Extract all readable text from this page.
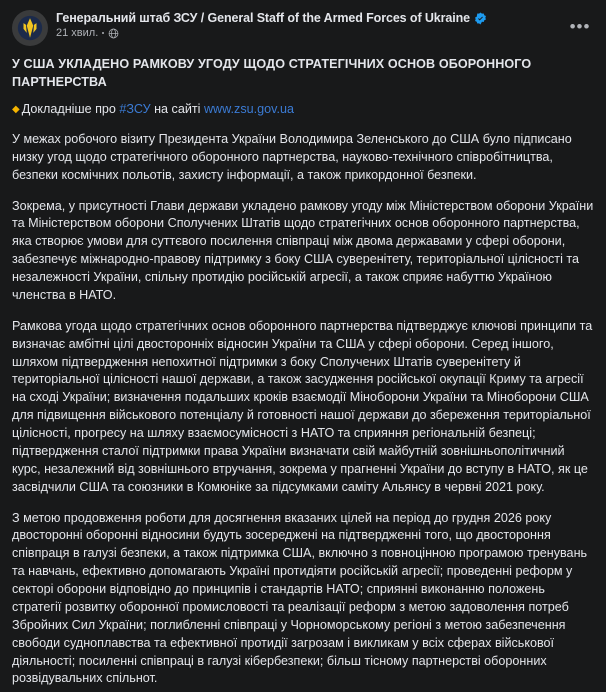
Генеральний штаб ЗСУ / General Staff of the Armed Forces of Ukraine
21 хвил.	•••
У США УКЛАДЕНО РАМКОВУ УГОДУ ЩОДО СТРАТЕГІЧНИХ ОСНОВ ОБОРОННОГО ПАРТНЕРСТВА
◆ Докладніше про #ЗСУ на сайті www.zsu.gov.ua

У межах робочого візиту Президента України Володимира Зеленського до США було підписано низку угод щодо стратегічного оборонного партнерства, науково-технічного співробітництва, безпеки космічних польотів, захисту інформації, а також прикордонної безпеки.

Зокрема, у присутності Глави держави укладено рамкову угоду між Міністерством оборони України та Міністерством оборони Сполучених Штатів щодо стратегічних основ оборонного партнерства, яка створює умови для суттєвого посилення співпраці між двома державами у сфері оборони, забезпечує міжнародно-правову підтримку з боку США суверенітету, територіальної цілісності та незалежності України, спільну протидію російській агресії, а також сприяє набуттю Україною членства в НАТО.

Рамкова угода щодо стратегічних основ оборонного партнерства підтверджує ключові принципи та визначає амбітні цілі двосторонніх відносин України та США у сфері оборони. Серед іншого, шляхом підтвердження непохитної підтримки з боку Сполучених Штатів суверенітету й територіальної цілісності нашої держави, а також засудження російської окупації Криму та агресії на сході України; визначення подальших кроків взаємодії Міноборони України та Міноборони США для підвищення військового потенціалу й готовності нашої держави до збереження територіальної цілісності, прогресу на шляху взаємосумісності з НАТО та сприяння регіональній безпеці; підтвердження сталої підтримки права України визначати свій майбутній зовнішньополітичний курс, незалежний від зовнішнього втручання, зокрема у прагненні України до вступу в НАТО, як це засвідчили США та союзники в Комюніке за підсумками саміту Альянсу в червні 2021 року.

З метою продовження роботи для досягнення вказаних цілей на період до грудня 2026 року двосторонні оборонні відносини будуть зосереджені на підтвердженні того, що двостороння співпраця в галузі безпеки, а також підтримка США, включно з повноцінною програмою тренувань та навчань, ефективно допомагають Україні протидіяти російській агресії; проведенні реформ у секторі оборони відповідно до принципів і стандартів НАТО; сприянні виконанню положень стратегії розвитку оборонної промисловості та реалізації реформ з метою задоволення потреб Збройних Сил України; поглибленні співпраці у Чорноморському регіоні з метою забезпечення свободи судноплавства та ефективної протидії загрозам і викликам у всіх сферах військової діяльності; посиленні співпраці в галузі кібербезпеки; більш тісному партнерстві оборонних розвідувальних спільнот.
